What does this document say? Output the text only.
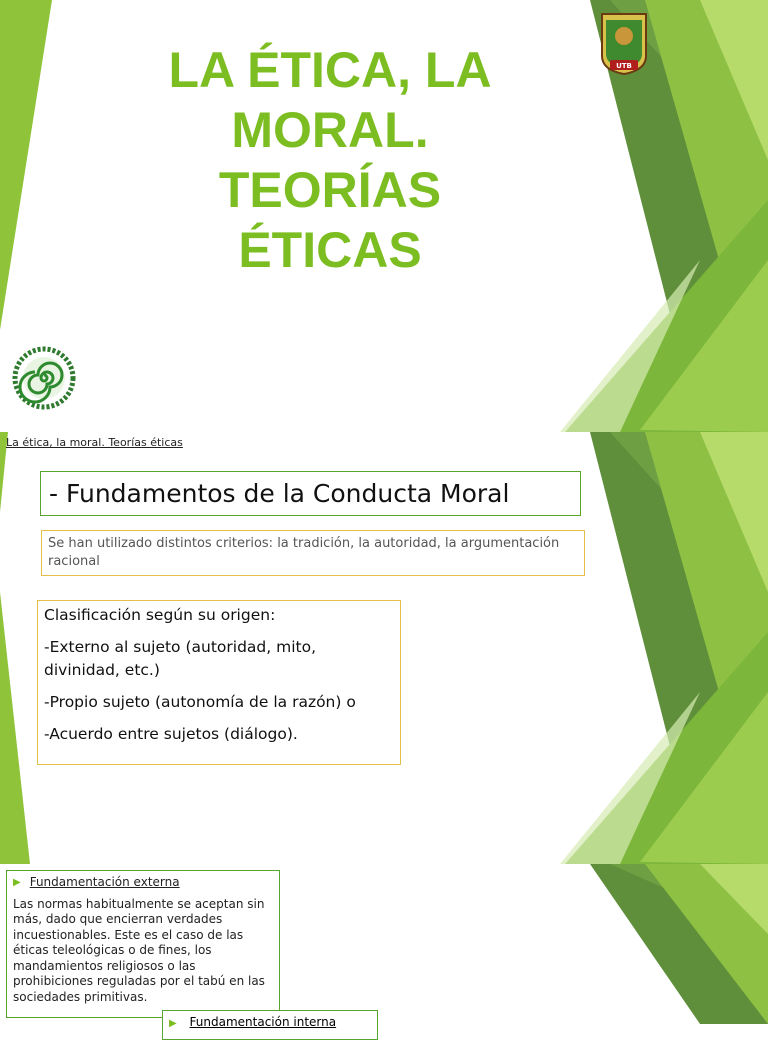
LA ÉTICA, LA
MORAL.
TEORÍAS
ÉTICAS
UTB
La ética, la moral. Teorías éticas
- Fundamentos de la Conducta Moral
Se han utilizado distintos criterios: la tradición, la autoridad, la argumentación racional

Clasificación según su origen:

-Externo al sujeto (autoridad, mito, divinidad, etc.)

-Propio sujeto (autonomía de la razón) o

-Acuerdo entre sujetos (diálogo).

▶ Fundamentación externa
Las normas habitualmente se aceptan sin más, dado que encierran verdades incuestionables. Este es el caso de las éticas teleológicas o de fines, los mandamientos religiosos o las prohibiciones reguladas por el tabú en las sociedades primitivas.
▶ Fundamentación interna
